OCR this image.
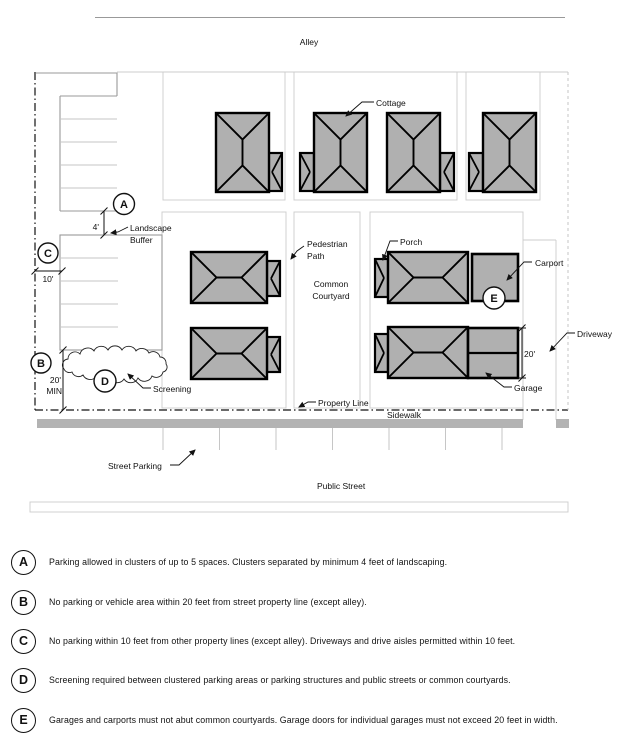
Alley
Cottage
Landscape
Buffer	Pedestrian
Path
Common
Courtyard
Porch
Carport
Driveway
Garage
Screening
Property Line
Sidewalk
Street Parking
Public Street
4'
10'
20'
MIN
20'
A
C
B
D
E
A	Parking allowed in clusters of up to 5 spaces. Clusters separated by minimum 4 feet of landscaping.
B	No parking or vehicle area within 20 feet from street property line (except alley).
C	No parking within 10 feet from other property lines (except alley). Driveways and drive aisles permitted within 10 feet.
D	Screening required between clustered parking areas or parking structures and public streets or common courtyards.
E	Garages and carports must not abut common courtyards. Garage doors for individual garages must not exceed 20 feet in width.
